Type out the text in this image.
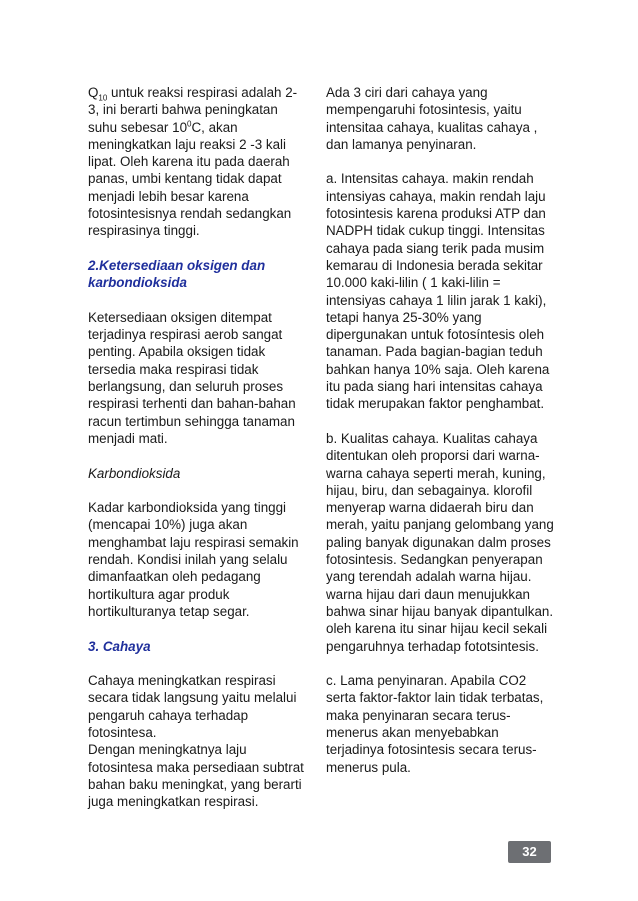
$Q_{10}$ untuk reaksi respirasi adalah 2-3, ini berarti bahwa peningkatan suhu sebesar $10^0C$, akan meningkatkan laju reaksi 2 -3 kali lipat. Oleh karena itu pada daerah panas, umbi kentang tidak dapat menjadi lebih besar karena fotosintesisnya rendah sedangkan respirasinya tinggi.

2.Ketersediaan oksigen dan karbondioksida

Ketersediaan oksigen ditempat terjadinya respirasi aerob sangat penting. Apabila oksigen tidak tersedia maka respirasi tidak berlangsung, dan seluruh proses respirasi terhenti dan bahan-bahan racun tertimbun sehingga tanaman menjadi mati.

Karbondioksida

Kadar karbondioksida yang tinggi (mencapai 10%) juga akan menghambat laju respirasi semakin rendah. Kondisi inilah yang selalu dimanfaatkan oleh pedagang hortikultura agar produk hortikulturanya tetap segar.

3. Cahaya

Cahaya meningkatkan respirasi secara tidak langsung yaitu melalui pengaruh cahaya terhadap fotosintesa.

Dengan meningkatnya laju fotosintesa maka persediaan subtrat bahan baku meningkat, yang berarti juga meningkatkan respirasi.

Ada 3 ciri dari cahaya yang mempengaruhi fotosintesis, yaitu intensitaa cahaya, kualitas cahaya , dan lamanya penyinaran.

a. Intensitas cahaya. makin rendah intensiyas cahaya, makin rendah laju fotosintesis karena produksi ATP dan NADPH tidak cukup tinggi. Intensitas cahaya pada siang terik pada musim kemarau di Indonesia berada sekitar 10.000 kaki-lilin ( 1 kaki-lilin = intensiyas cahaya 1 lilin jarak 1 kaki), tetapi hanya 25-30% yang dipergunakan untuk fotosíntesis oleh tanaman. Pada bagian-bagian teduh bahkan hanya 10% saja. Oleh karena itu pada siang hari intensitas cahaya tidak merupakan faktor penghambat.

b. Kualitas cahaya. Kualitas cahaya ditentukan oleh proporsi dari warna-warna cahaya seperti merah, kuning, hijau, biru, dan sebagainya. klorofil menyerap warna didaerah biru dan merah, yaitu panjang gelombang yang paling banyak digunakan dalm proses fotosintesis. Sedangkan penyerapan yang terendah adalah warna hijau. warna hijau dari daun menujukkan bahwa sinar hijau banyak dipantulkan. oleh karena itu sinar hijau kecil sekali pengaruhnya terhadap fototsintesis.

c. Lama penyinaran. Apabila CO2 serta faktor-faktor lain tidak terbatas, maka penyinaran secara terus-menerus akan menyebabkan terjadinya fotosintesis secara terus-menerus pula.

32
